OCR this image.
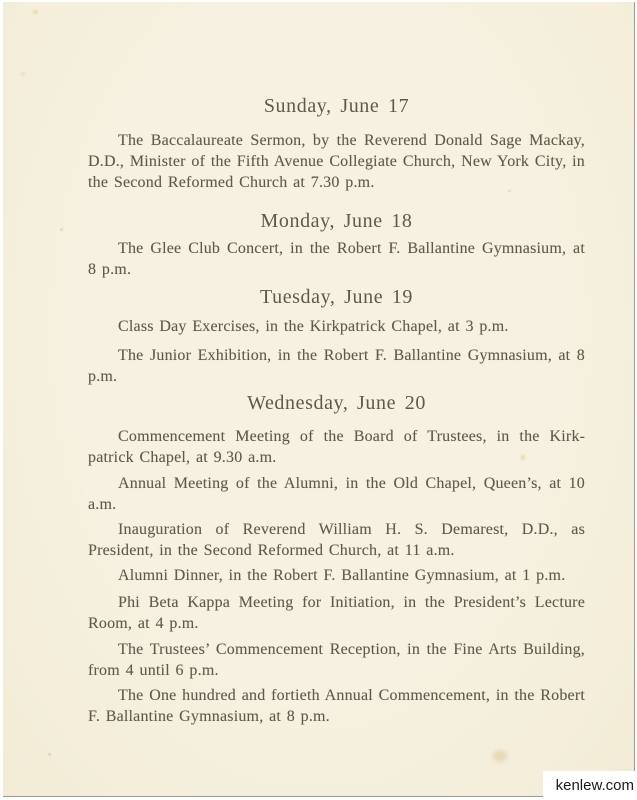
Sunday, June 17

The Baccalaureate Sermon, by the Reverend Donald Sage Mackay, D.D., Minister of the Fifth Avenue Collegiate Church, New York City, in the Second Reformed Church at 7.30 p.m.

Monday, June 18

The Glee Club Concert, in the Robert F. Ballantine Gymnasium, at 8 p.m.

Tuesday, June 19

Class Day Exercises, in the Kirkpatrick Chapel, at 3 p.m.

The Junior Exhibition, in the Robert F. Ballantine Gymnasium, at 8 p.m.

Wednesday, June 20

Commencement Meeting of the Board of Trustees, in the Kirkpatrick Chapel, at 9.30 a.m.

Annual Meeting of the Alumni, in the Old Chapel, Queen’s, at 10 a.m.

Inauguration of Reverend William H. S. Demarest, D.D., as President, in the Second Reformed Church, at 11 a.m.

Alumni Dinner, in the Robert F. Ballantine Gymnasium, at 1 p.m.

Phi Beta Kappa Meeting for Initiation, in the President’s Lecture Room, at 4 p.m.

The Trustees’ Commencement Reception, in the Fine Arts Building, from 4 until 6 p.m.

The One hundred and fortieth Annual Commencement, in the Robert F. Ballantine Gymnasium, at 8 p.m.

kenlew.com
